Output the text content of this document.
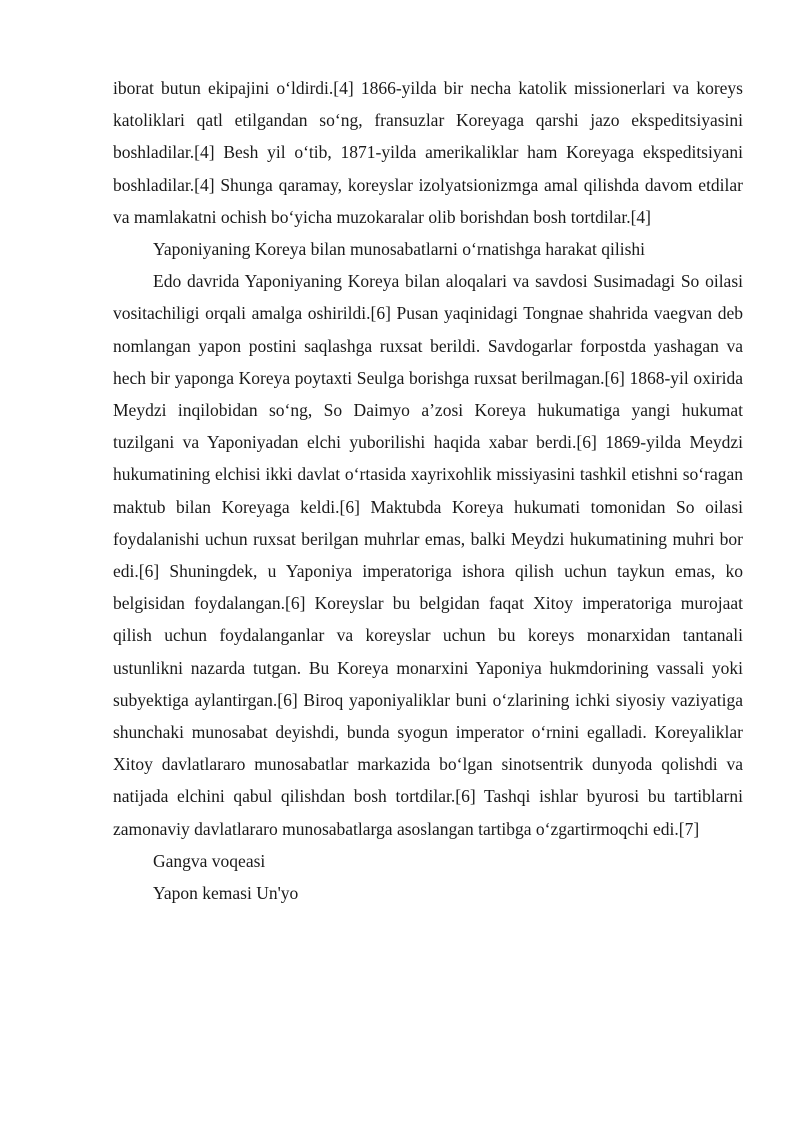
iborat butun ekipajini o‘ldirdi.[4] 1866-yilda bir necha katolik missionerlari va koreys katoliklari qatl etilgandan so‘ng, fransuzlar Koreyaga qarshi jazo ekspeditsiyasini boshladilar.[4] Besh yil o‘tib, 1871-yilda amerikaliklar ham Koreyaga ekspeditsiyani boshladilar.[4] Shunga qaramay, koreyslar izolyatsionizmga amal qilishda davom etdilar va mamlakatni ochish bo‘yicha muzokaralar olib borishdan bosh tortdilar.[4]

Yaponiyaning Koreya bilan munosabatlarni o‘rnatishga harakat qilishi

Edo davrida Yaponiyaning Koreya bilan aloqalari va savdosi Susimadagi So oilasi vositachiligi orqali amalga oshirildi.[6] Pusan yaqinidagi Tongnae shahrida vaegvan deb nomlangan yapon postini saqlashga ruxsat berildi. Savdogarlar forpostda yashagan va hech bir yaponga Koreya poytaxti Seulga borishga ruxsat berilmagan.[6] 1868-yil oxirida Meydzi inqilobidan so‘ng, So Daimyo a’zosi Koreya hukumatiga yangi hukumat tuzilgani va Yaponiyadan elchi yuborilishi haqida xabar berdi.[6] 1869-yilda Meydzi hukumatining elchisi ikki davlat o‘rtasida xayrixohlik missiyasini tashkil etishni so‘ragan maktub bilan Koreyaga keldi.[6] Maktubda Koreya hukumati tomonidan So oilasi foydalanishi uchun ruxsat berilgan muhrlar emas, balki Meydzi hukumatining muhri bor edi.[6] Shuningdek, u Yaponiya imperatoriga ishora qilish uchun taykun emas, ko belgisidan foydalangan.[6] Koreyslar bu belgidan faqat Xitoy imperatoriga murojaat qilish uchun foydalanganlar va koreyslar uchun bu koreys monarxidan tantanali ustunlikni nazarda tutgan. Bu Koreya monarxini Yaponiya hukmdorining vassali yoki subyektiga aylantirgan.[6] Biroq yaponiyaliklar buni o‘zlarining ichki siyosiy vaziyatiga shunchaki munosabat deyishdi, bunda syogun imperator o‘rnini egalladi. Koreyaliklar Xitoy davlatlararo munosabatlar markazida bo‘lgan sinotsentrik dunyoda qolishdi va natijada elchini qabul qilishdan bosh tortdilar.[6] Tashqi ishlar byurosi bu tartiblarni zamonaviy davlatlararo munosabatlarga asoslangan tartibga o‘zgartirmoqchi edi.[7]

Gangva voqeasi

Yapon kemasi Un'yo
